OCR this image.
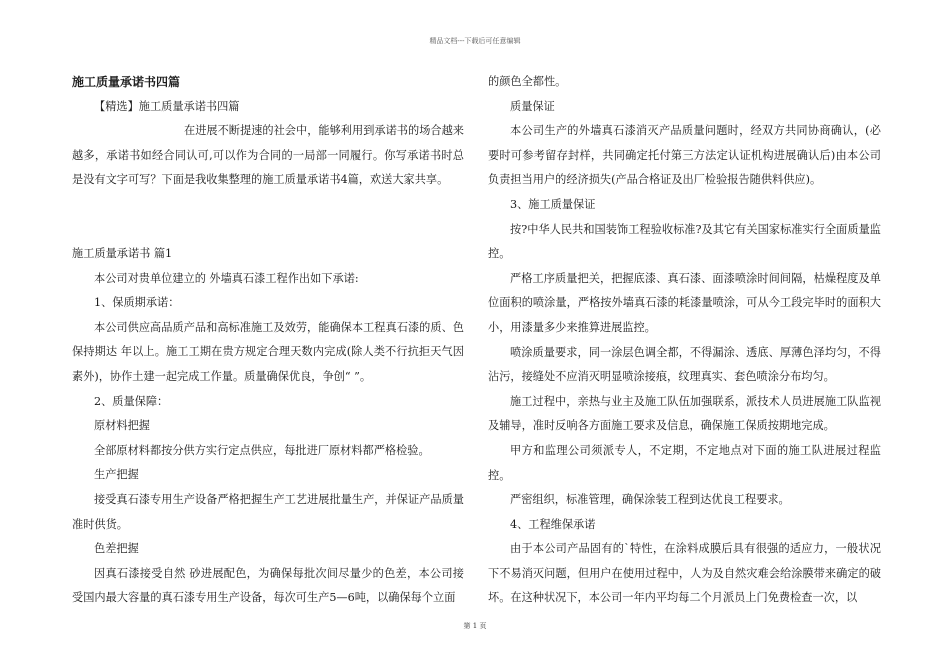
精品文档---下载后可任意编辑

施工质量承诺书四篇

【精选】施工质量承诺书四篇

在进展不断提速的社会中，能够利用到承诺书的场合越来越多，承诺书如经合同认可,可以作为合同的一局部一同履行。你写承诺书时总是没有文字可写？下面是我收集整理的施工质量承诺书4篇，欢送大家共享。

施工质量承诺书 篇1

本公司对贵单位建立的 外墙真石漆工程作出如下承诺:

1、保质期承诺：

本公司供应高品质产品和高标准施工及效劳，能确保本工程真石漆的质、色保持期达 年以上。施工工期在贵方规定合理天数内完成(除人类不行抗拒天气因素外)，协作土建一起完成工作量。质量确保优良，争创“ ”。

2、质量保障：

原材料把握

全部原材料都按分供方实行定点供应，每批进厂原材料都严格检验。

生产把握

接受真石漆专用生产设备严格把握生产工艺进展批量生产，并保证产品质量准时供货。

色差把握

因真石漆接受自然 砂进展配色，为确保每批次间尽量少的色差，本公司接受国内最大容量的真石漆专用生产设备，每次可生产5—6吨，以确保每个立面

的颜色全都性。

质量保证

本公司生产的外墙真石漆消灭产品质量问题时，经双方共同协商确认，(必要时可参考留存封样，共同确定托付第三方法定认证机构进展确认后)由本公司负责担当用户的经济损失(产品合格证及出厂检验报告随供料供应)。

3、施工质量保证

按?中华人民共和国装饰工程验收标准?及其它有关国家标准实行全面质量监控。

严格工序质量把关，把握底漆、真石漆、面漆喷涂时间间隔，枯燥程度及单位面积的喷涂量，严格按外墙真石漆的耗漆量喷涂，可从今工段完毕时的面积大小，用漆量多少来推算进展监控。

喷涂质量要求，同一涂层色调全都，不得漏涂、透底、厚薄色泽均匀，不得沾污，接缝处不应消灭明显喷涂接痕，纹理真实、套色喷涂分布均匀。

施工过程中，亲热与业主及施工队伍加强联系，派技术人员进展施工队监视及辅导，准时反响各方面施工要求及信息，确保施工保质按期地完成。

甲方和监理公司须派专人，不定期，不定地点对下面的施工队进展过程监控。

严密组织，标准管理，确保涂装工程到达优良工程要求。

4、工程维保承诺

由于本公司产品固有的`特性，在涂料成膜后具有很强的适应力，一般状况下不易消灭问题，但用户在使用过程中，人为及自然灾难会给涂膜带来确定的破坏。在这种状况下，本公司一年内平均每二个月派员上门免费检查一次，以

第 1 页
